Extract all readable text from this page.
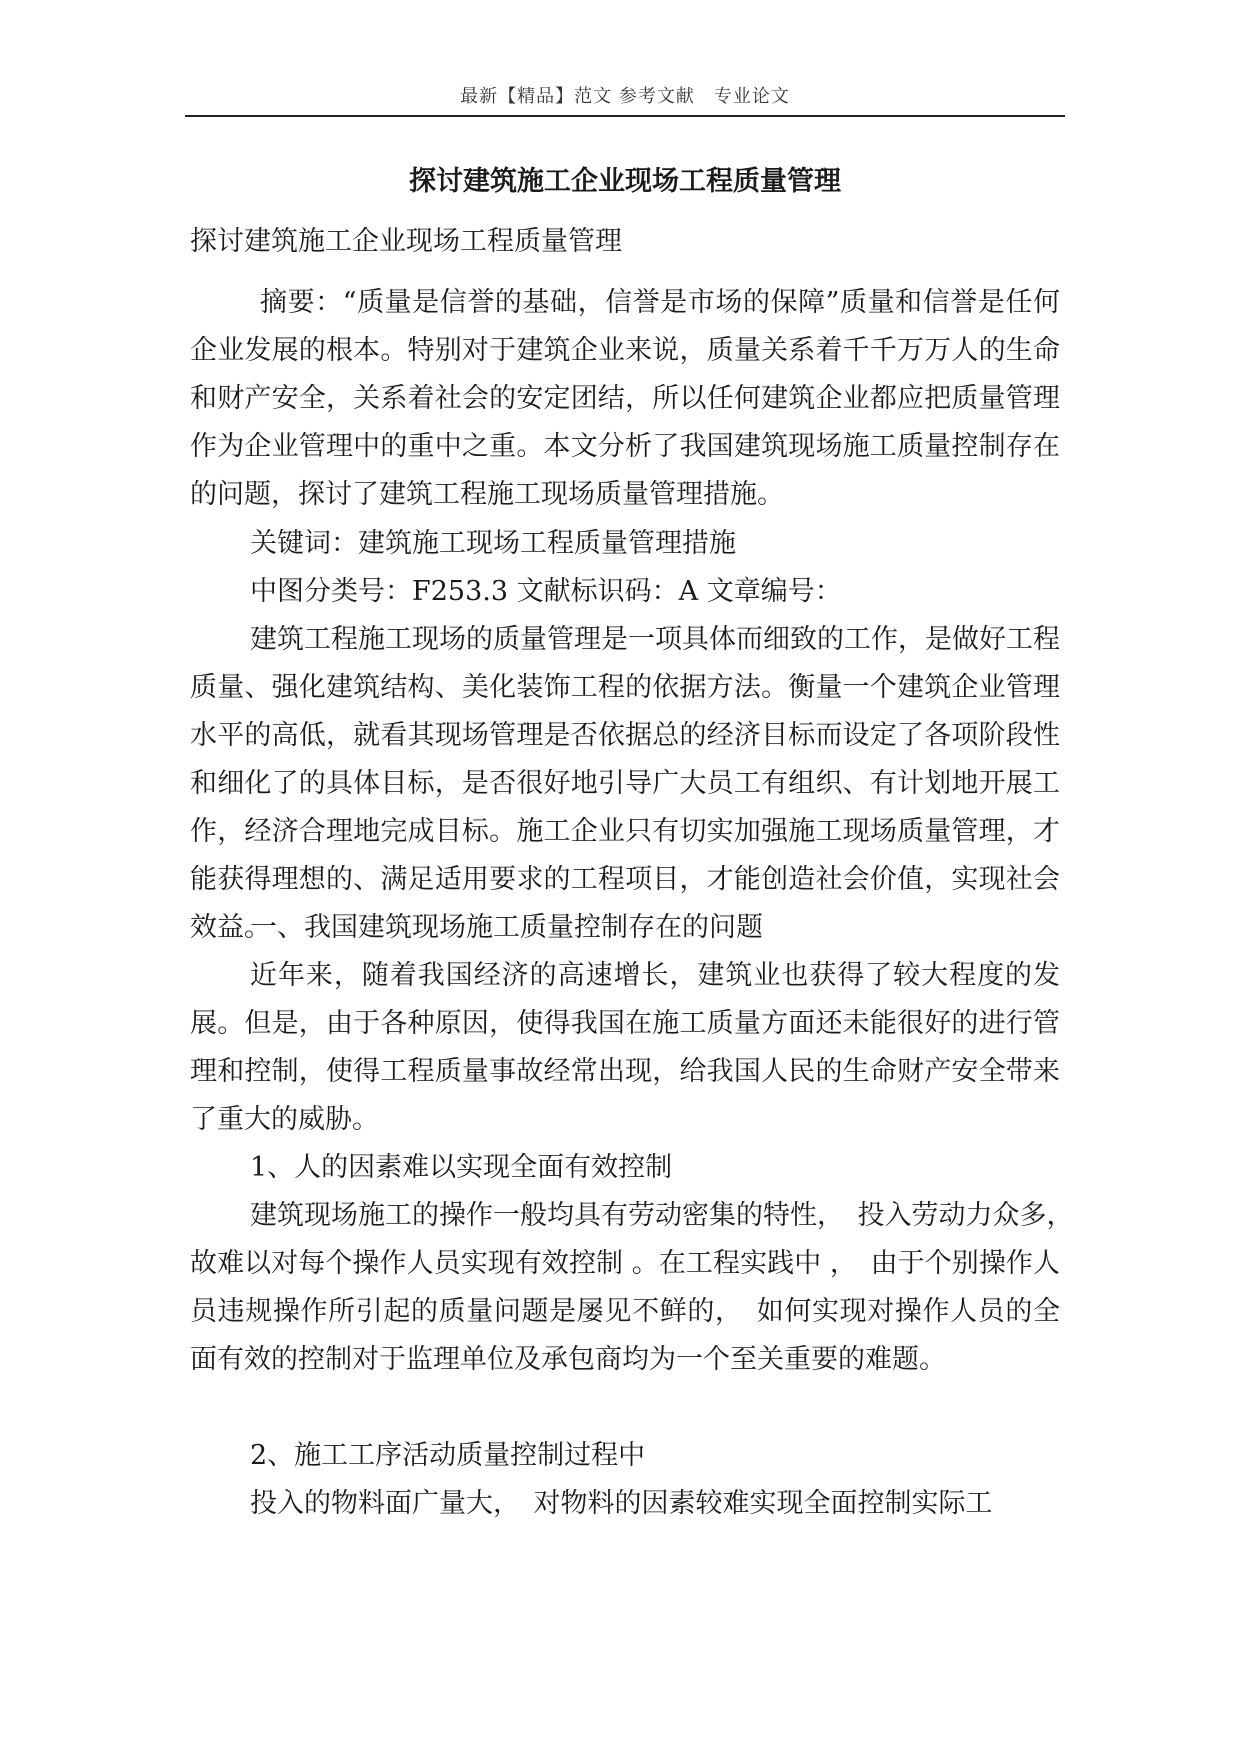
最新【精品】范文 参考文献　专业论文
探讨建筑施工企业现场工程质量管理
探讨建筑施工企业现场工程质量管理

摘要：“质量是信誉的基础，信誉是市场的保障”质量和信誉是任何企业发展的根本。特别对于建筑企业来说，质量关系着千千万万人的生命和财产安全，关系着社会的安定团结，所以任何建筑企业都应把质量管理作为企业管理中的重中之重。本文分析了我国建筑现场施工质量控制存在的问题，探讨了建筑工程施工现场质量管理措施。

关键词：建筑施工现场工程质量管理措施
中图分类号：F253.3 文献标识码：A 文章编号：

建筑工程施工现场的质量管理是一项具体而细致的工作，是做好工程质量、强化建筑结构、美化装饰工程的依据方法。衡量一个建筑企业管理水平的高低，就看其现场管理是否依据总的经济目标而设定了各项阶段性和细化了的具体目标，是否很好地引导广大员工有组织、有计划地开展工作，经济合理地完成目标。施工企业只有切实加强施工现场质量管理，才能获得理想的、满足适用要求的工程项目，才能创造社会价值，实现社会效益。

一、我国建筑现场施工质量控制存在的问题

近年来，随着我国经济的高速增长，建筑业也获得了较大程度的发展。但是，由于各种原因，使得我国在施工质量方面还未能很好的进行管理和控制，使得工程质量事故经常出现，给我国人民的生命财产安全带来了重大的威胁。

1、人的因素难以实现全面有效控制

建筑现场施工的操作一般均具有劳动密集的特性，　投入劳动力众多，　故难以对每个操作人员实现有效控制 。在工程实践中 ，　由于个别操作人员违规操作所引起的质量问题是屡见不鲜的，　如何实现对操作人员的全面有效的控制对于监理单位及承包商均为一个至关重要的难题。

2、施工工序活动质量控制过程中

投入的物料面广量大，　对物料的因素较难实现全面控制实际工
